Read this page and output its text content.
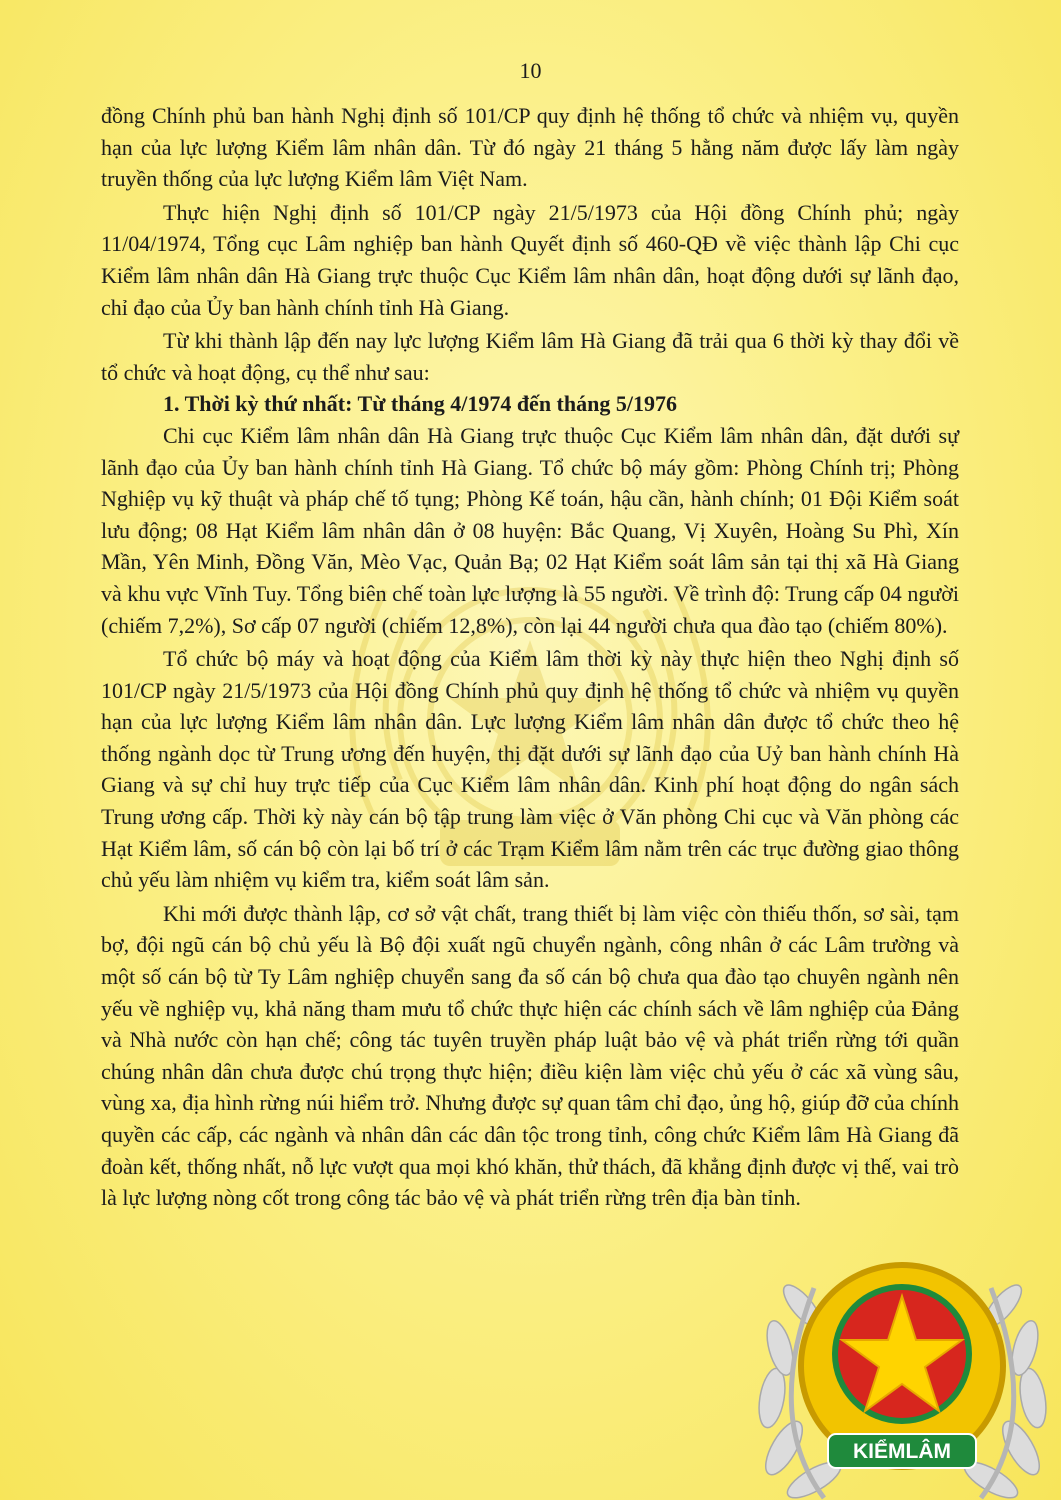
10

đồng Chính phủ ban hành Nghị định số 101/CP quy định hệ thống tổ chức và nhiệm vụ, quyền hạn của lực lượng Kiểm lâm nhân dân. Từ đó ngày 21 tháng 5 hằng năm được lấy làm ngày truyền thống của lực lượng Kiểm lâm Việt Nam.

Thực hiện Nghị định số 101/CP ngày 21/5/1973 của Hội đồng Chính phủ; ngày 11/04/1974, Tổng cục Lâm nghiệp ban hành Quyết định số 460-QĐ về việc thành lập Chi cục Kiểm lâm nhân dân Hà Giang trực thuộc Cục Kiểm lâm nhân dân, hoạt động dưới sự lãnh đạo, chỉ đạo của Ủy ban hành chính tỉnh Hà Giang.

Từ khi thành lập đến nay lực lượng Kiểm lâm Hà Giang đã trải qua 6 thời kỳ thay đổi về tổ chức và hoạt động, cụ thể như sau:

1. Thời kỳ thứ nhất: Từ tháng 4/1974 đến tháng 5/1976

Chi cục Kiểm lâm nhân dân Hà Giang trực thuộc Cục Kiểm lâm nhân dân, đặt dưới sự lãnh đạo của Ủy ban hành chính tỉnh Hà Giang. Tổ chức bộ máy gồm: Phòng Chính trị; Phòng Nghiệp vụ kỹ thuật và pháp chế tố tụng; Phòng Kế toán, hậu cần, hành chính; 01 Đội Kiểm soát lưu động; 08 Hạt Kiểm lâm nhân dân ở 08 huyện: Bắc Quang, Vị Xuyên, Hoàng Su Phì, Xín Mần, Yên Minh, Đồng Văn, Mèo Vạc, Quản Bạ; 02 Hạt Kiểm soát lâm sản tại thị xã Hà Giang và khu vực Vĩnh Tuy. Tổng biên chế toàn lực lượng là 55 người. Về trình độ: Trung cấp 04 người (chiếm 7,2%), Sơ cấp 07 người (chiếm 12,8%), còn lại 44 người chưa qua đào tạo (chiếm 80%).

Tổ chức bộ máy và hoạt động của Kiểm lâm thời kỳ này thực hiện theo Nghị định số 101/CP ngày 21/5/1973 của Hội đồng Chính phủ quy định hệ thống tổ chức và nhiệm vụ quyền hạn của lực lượng Kiểm lâm nhân dân. Lực lượng Kiểm lâm nhân dân được tổ chức theo hệ thống ngành dọc từ Trung ương đến huyện, thị đặt dưới sự lãnh đạo của Uỷ ban hành chính Hà Giang và sự chỉ huy trực tiếp của Cục Kiểm lâm nhân dân. Kinh phí hoạt động do ngân sách Trung ương cấp. Thời kỳ này cán bộ tập trung làm việc ở Văn phòng Chi cục và Văn phòng các Hạt Kiểm lâm, số cán bộ còn lại bố trí ở các Trạm Kiểm lâm nằm trên các trục đường giao thông chủ yếu làm nhiệm vụ kiểm tra, kiểm soát lâm sản.

Khi mới được thành lập, cơ sở vật chất, trang thiết bị làm việc còn thiếu thốn, sơ sài, tạm bợ, đội ngũ cán bộ chủ yếu là Bộ đội xuất ngũ chuyển ngành, công nhân ở các Lâm trường và một số cán bộ từ Ty Lâm nghiệp chuyển sang đa số cán bộ chưa qua đào tạo chuyên ngành nên yếu về nghiệp vụ, khả năng tham mưu tổ chức thực hiện các chính sách về lâm nghiệp của Đảng và Nhà nước còn hạn chế; công tác tuyên truyền pháp luật bảo vệ và phát triển rừng tới quần chúng nhân dân chưa được chú trọng thực hiện; điều kiện làm việc chủ yếu ở các xã vùng sâu, vùng xa, địa hình rừng núi hiểm trở. Nhưng được sự quan tâm chỉ đạo, ủng hộ, giúp đỡ của chính quyền các cấp, các ngành và nhân dân các dân tộc trong tỉnh, công chức Kiểm lâm Hà Giang đã đoàn kết, thống nhất, nỗ lực vượt qua mọi khó khăn, thử thách, đã khẳng định được vị thế, vai trò là lực lượng nòng cốt trong công tác bảo vệ và phát triển rừng trên địa bàn tỉnh.

KIỂMLÂM
